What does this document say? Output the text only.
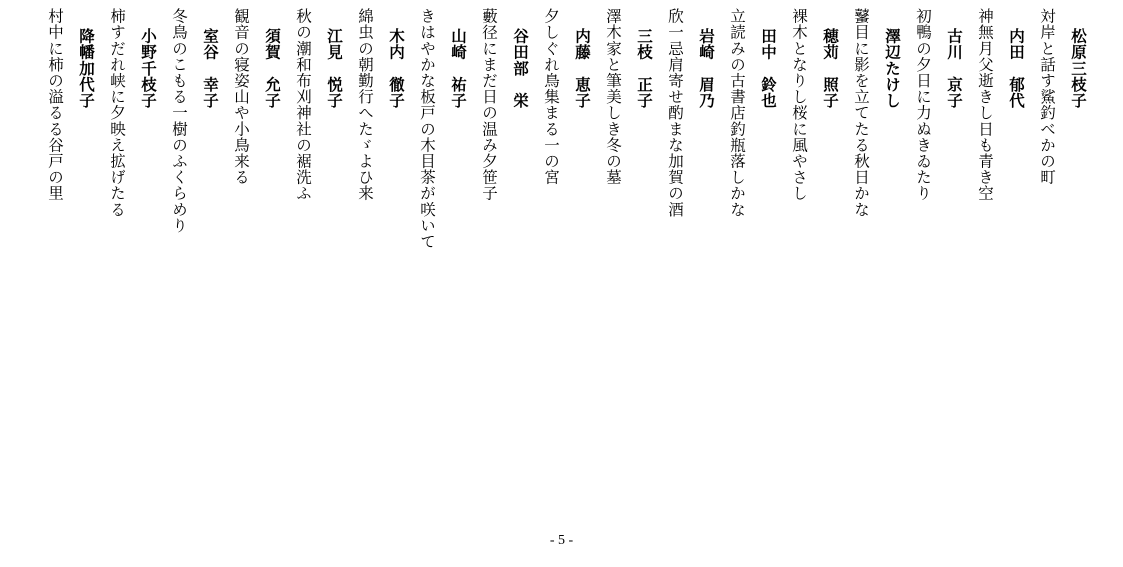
松原三枝子
対岸と話す鯊釣べかの町
内田　郁代
神無月父逝きし日も青き空
古川　京子
初鴨の夕日に力ぬきゐたり
澤辺たけし
鼜目に影を立てたる秋日かな
穂苅　照子
裸木となりし桜に風やさし
田中　鈴也
立読みの古書店釣瓶落しかな
岩崎　眉乃
欣一忌肩寄せ酌まな加賀の酒
三枝　正子
澤木家と筆美しき冬の墓
内藤　恵子
夕しぐれ鳥集まる一の宮
谷田部　栄
藪径にまだ日の温み夕笹子
山崎　祐子
きはやかな板戸の木目茶が咲いて
木内　徹子
綿虫の朝勤行へたゞよひ来
江見　悦子
秋の潮和布刈神社の裾洗ふ
須賀　允子
観音の寝姿山や小鳥来る
室谷　幸子
冬鳥のこもる一樹のふくらめり
小野千枝子
柿すだれ峡に夕映え拡げたる
降幡加代子
村中に柿の溢るる谷戸の里
- 5 -
